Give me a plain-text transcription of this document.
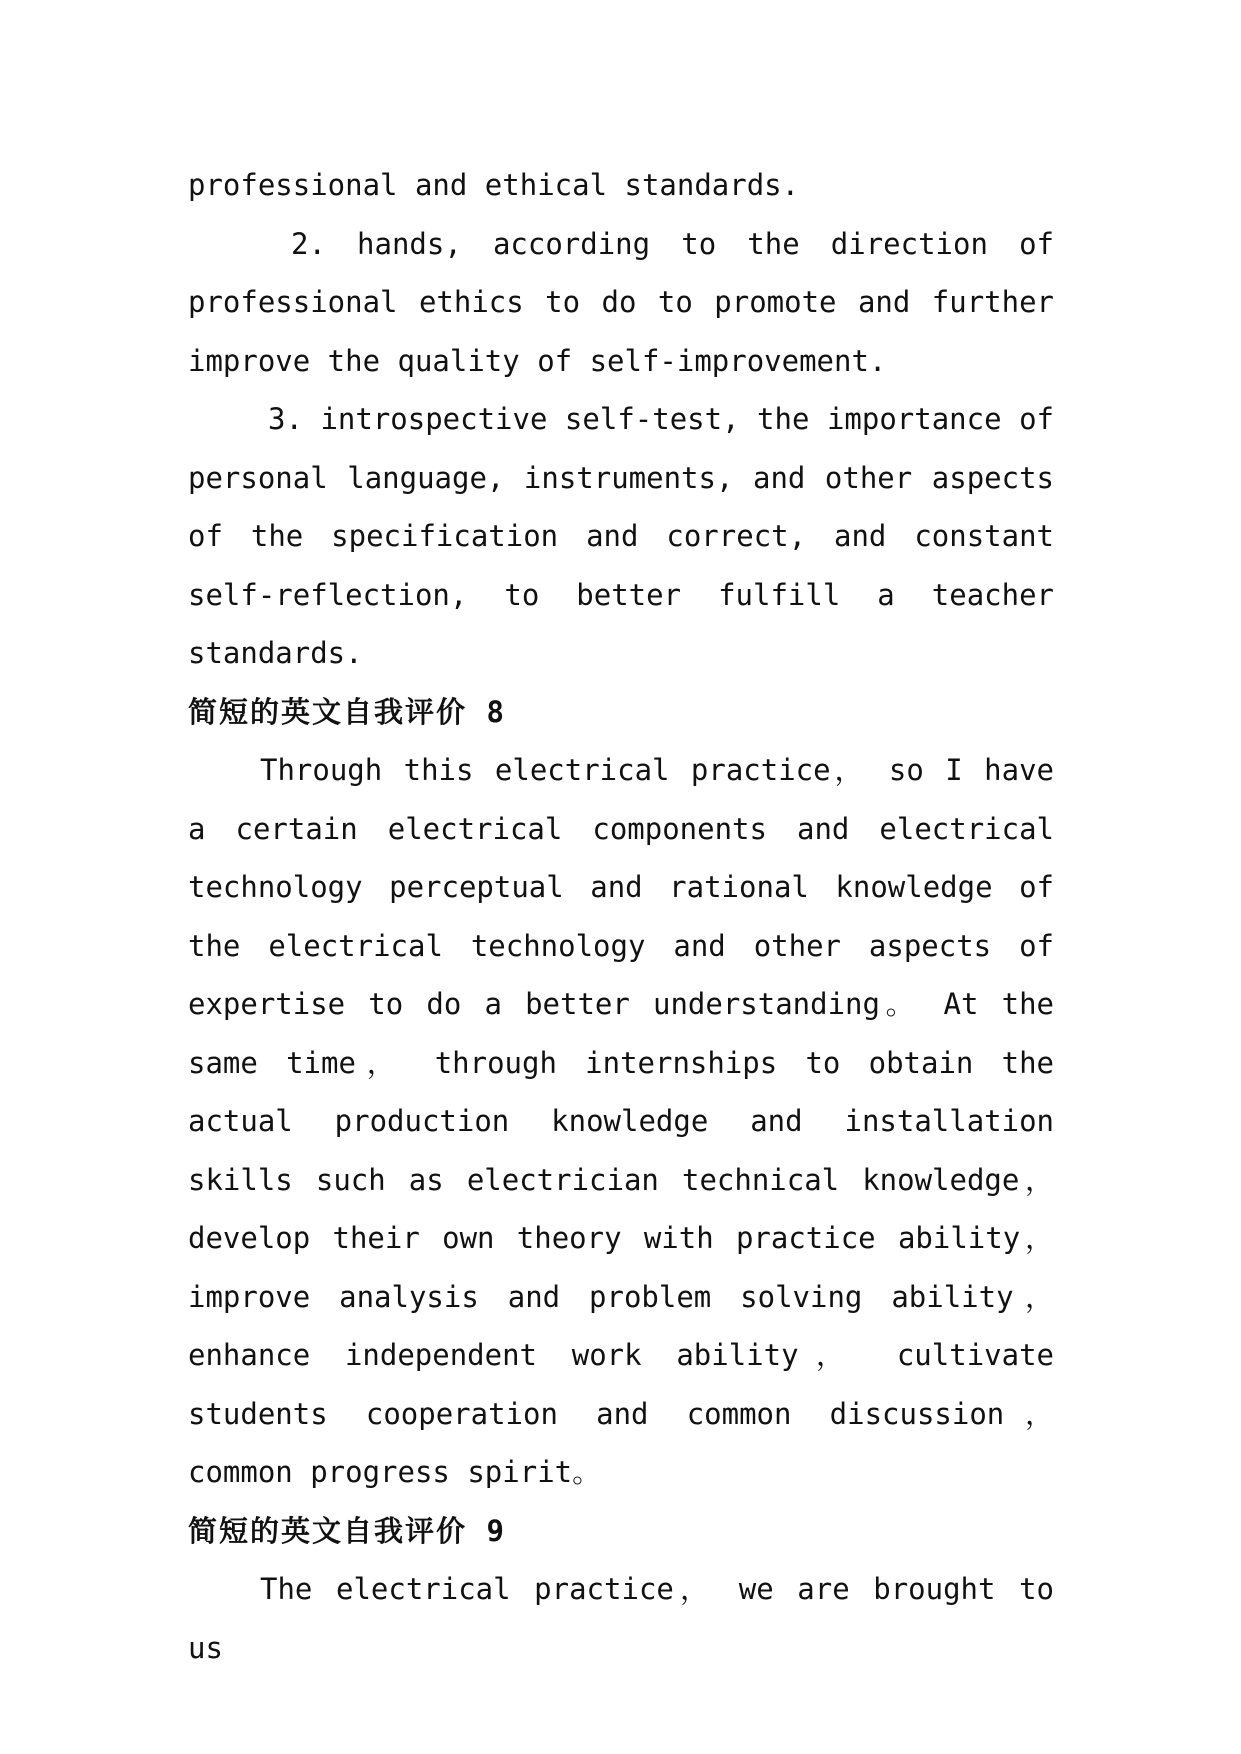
professional and ethical standards.

2. hands, according to the direction of professional ethics to do to promote and further improve the quality of self-improvement.

3. introspective self-test, the importance of personal language, instruments, and other aspects of the specification and correct, and constant self-reflection, to better fulfill a teacher standards.

简短的英文自我评价 8

Through this electrical practice， so I have a certain electrical components and electrical technology perceptual and rational knowledge of the electrical technology and other aspects of expertise to do a better understanding。 At the same time， through internships to obtain the actual production knowledge and installation skills such as electrician technical knowledge， develop their own theory with practice ability， improve analysis and problem solving ability， enhance independent work ability， cultivate students cooperation and common discussion， common progress spirit。

简短的英文自我评价 9

The electrical practice， we are brought to us
